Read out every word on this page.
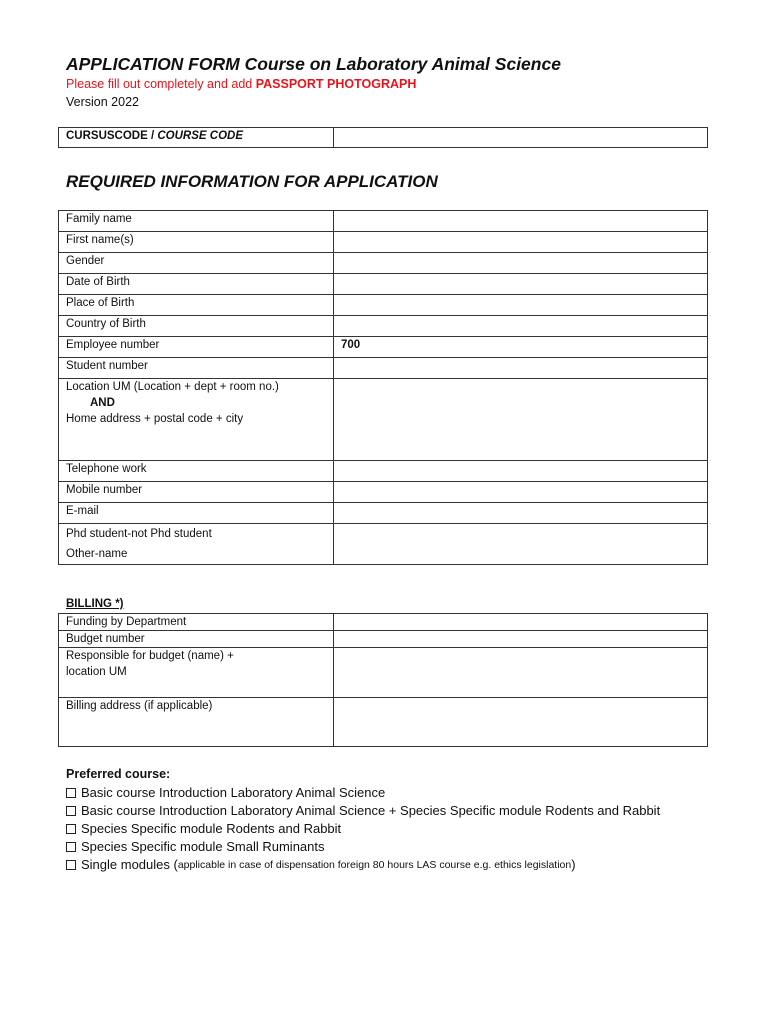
APPLICATION FORM Course on Laboratory Animal Science
Please fill out completely and add PASSPORT PHOTOGRAPH
Version 2022
CURSUSCODE / COURSE CODE	
REQUIRED INFORMATION FOR APPLICATION
Family name	
First name(s)	
Gender	
Date of Birth	
Place of Birth	
Country of Birth	
Employee number	700
Student number	

Location UM (Location + dept + room no.)
AND
Home address + postal code + city	

Telephone work	
Mobile number	
E-mail	

Phd student-not Phd student
Other-name	

BILLING *)
Funding by Department	
Budget number	

Responsible for budget (name) +
location UM	

Billing address (if applicable)	
Preferred course:
Basic course Introduction Laboratory Animal Science
Basic course Introduction Laboratory Animal Science + Species Specific module Rodents and Rabbit
Species Specific module Rodents and Rabbit
Species Specific module Small Ruminants
Single modules ( applicable in case of dispensation foreign 80 hours LAS course e.g. ethics legislation )
